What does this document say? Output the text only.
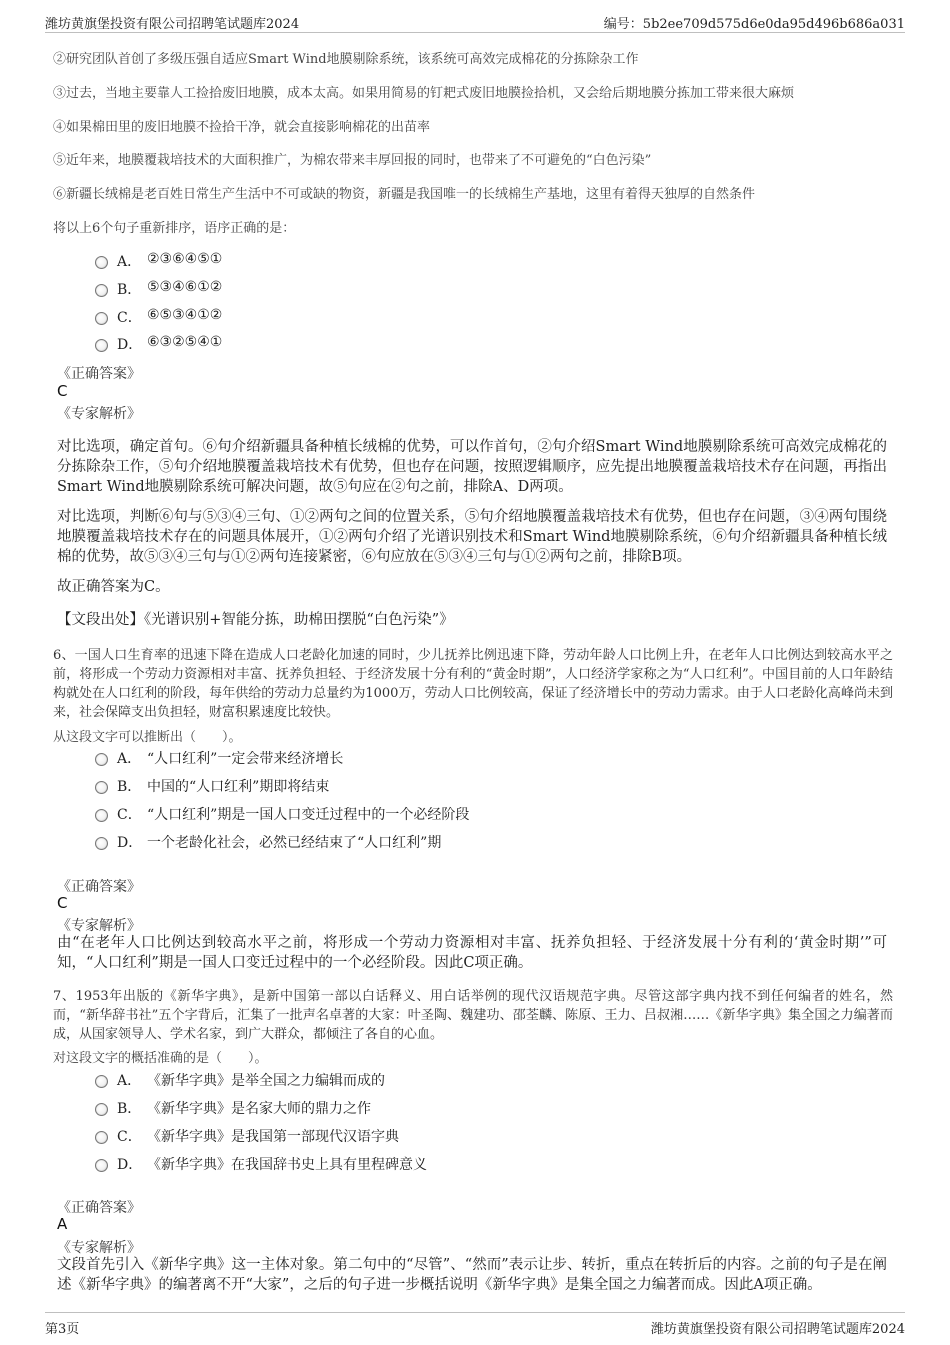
潍坊黄旗堡投资有限公司招聘笔试题库2024	编号：5b2ee709d575d6e0da95d496b686a031
②研究团队首创了多级压强自适应Smart Wind地膜剔除系统，该系统可高效完成棉花的分拣除杂工作
③过去，当地主要靠人工捡拾废旧地膜，成本太高。如果用简易的钉耙式废旧地膜捡拾机，又会给后期地膜分拣加工带来很大麻烦
④如果棉田里的废旧地膜不捡拾干净，就会直接影响棉花的出苗率
⑤近年来，地膜覆栽培技术的大面积推广，为棉农带来丰厚回报的同时，也带来了不可避免的“白色污染”
⑥新疆长绒棉是老百姓日常生产生活中不可或缺的物资，新疆是我国唯一的长绒棉生产基地，这里有着得天独厚的自然条件
将以上6个句子重新排序，语序正确的是：
A． ②③⑥④⑤①
B． ⑤③④⑥①②
C． ⑥⑤③④①②
D． ⑥③②⑤④①
《正确答案》
C
《专家解析》
对比选项，确定首句。⑥句介绍新疆具备种植长绒棉的优势，可以作首句，②句介绍Smart Wind地膜剔除系统可高效完成棉花的分拣除杂工作，⑤句介绍地膜覆盖栽培技术有优势，但也存在问题，按照逻辑顺序，应先提出地膜覆盖栽培技术存在问题，再指出Smart Wind地膜剔除系统可解决问题，故⑤句应在②句之前，排除A、D两项。
对比选项，判断⑥句与⑤③④三句、①②两句之间的位置关系，⑤句介绍地膜覆盖栽培技术有优势，但也存在问题，③④两句围绕地膜覆盖栽培技术存在的问题具体展开，①②两句介绍了光谱识别技术和Smart Wind地膜剔除系统，⑥句介绍新疆具备种植长绒棉的优势，故⑤③④三句与①②两句连接紧密，⑥句应放在⑤③④三句与①②两句之前，排除B项。
故正确答案为C。
【文段出处】《光谱识别+智能分拣，助棉田摆脱“白色污染”》
6、一国人口生育率的迅速下降在造成人口老龄化加速的同时，少儿抚养比例迅速下降，劳动年龄人口比例上升，在老年人口比例达到较高水平之前，将形成一个劳动力资源相对丰富、抚养负担轻、于经济发展十分有利的“黄金时期”，人口经济学家称之为“人口红利”。中国目前的人口年龄结构就处在人口红利的阶段，每年供给的劳动力总量约为1000万，劳动人口比例较高，保证了经济增长中的劳动力需求。由于人口老龄化高峰尚未到来，社会保障支出负担轻，财富积累速度比较快。
从这段文字可以推断出（　　）。
A． “人口红利”一定会带来经济增长
B． 中国的“人口红利”期即将结束
C． “人口红利”期是一国人口变迁过程中的一个必经阶段
D． 一个老龄化社会，必然已经结束了“人口红利”期
《正确答案》
C
《专家解析》
由“在老年人口比例达到较高水平之前，将形成一个劳动力资源相对丰富、抚养负担轻、于经济发展十分有利的‘黄金时期’”可知，“人口红利”期是一国人口变迁过程中的一个必经阶段。因此C项正确。
7、1953年出版的《新华字典》，是新中国第一部以白话释义、用白话举例的现代汉语规范字典。尽管这部字典内找不到任何编者的姓名，然而，“新华辞书社”五个字背后，汇集了一批声名卓著的大家：叶圣陶、魏建功、邵荃麟、陈原、王力、吕叔湘……《新华字典》集全国之力编著而成，从国家领导人、学术名家，到广大群众，都倾注了各自的心血。
对这段文字的概括准确的是（　　）。
A． 《新华字典》是举全国之力编辑而成的
B． 《新华字典》是名家大师的鼎力之作
C． 《新华字典》是我国第一部现代汉语字典
D． 《新华字典》在我国辞书史上具有里程碑意义
《正确答案》
A
《专家解析》
文段首先引入《新华字典》这一主体对象。第二句中的“尽管”、“然而”表示让步、转折，重点在转折后的内容。之前的句子是在阐述《新华字典》的编著离不开“大家”，之后的句子进一步概括说明《新华字典》是集全国之力编著而成。因此A项正确。
第3页	潍坊黄旗堡投资有限公司招聘笔试题库2024
